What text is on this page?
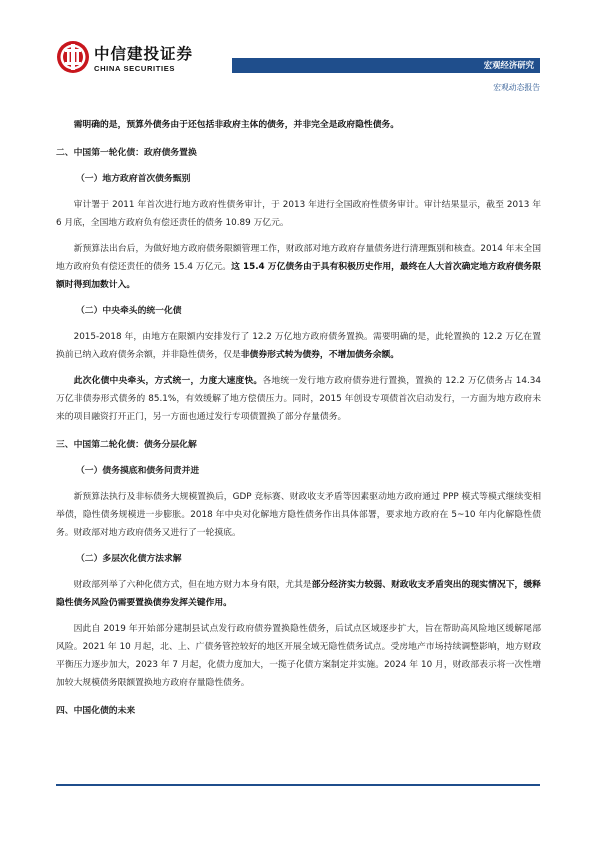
中信建投证券
CHINA SECURITIES	宏观经济研究
宏观动态报告

需明确的是，预算外债务由于还包括非政府主体的债务，并非完全是政府隐性债务。

二、中国第一轮化债：政府债务置换
（一）地方政府首次债务甄别

审计署于 2011 年首次进行地方政府性债务审计，于 2013 年进行全国政府性债务审计。审计结果显示，截至 2013 年 6 月底，全国地方政府负有偿还责任的债务 10.89 万亿元。

新预算法出台后，为做好地方政府债务限额管理工作，财政部对地方政府存量债务进行清理甄别和核查。2014 年末全国地方政府负有偿还责任的债务 15.4 万亿元。这 15.4 万亿债务由于具有积极历史作用，最终在人大首次确定地方政府债务限额时得到加数计入。

（二）中央牵头的统一化债

2015-2018 年，由地方在限额内安排发行了 12.2 万亿地方政府债务置换。需要明确的是，此轮置换的 12.2 万亿在置换前已纳入政府债务余额，并非隐性债务，仅是非债券形式转为债券，不增加债务余额。

此次化债中央牵头，方式统一，力度大速度快。各地统一发行地方政府债券进行置换，置换的 12.2 万亿债务占 14.34 万亿非债券形式债务的 85.1%，有效缓解了地方偿债压力。同时，2015 年创设专项债首次启动发行，一方面为地方政府未来的项目融资打开正门，另一方面也通过发行专项债置换了部分存量债务。

三、中国第二轮化债：债务分层化解
（一）债务摸底和债务问责并进

新预算法执行及非标债务大规模置换后，GDP 竞标赛、财政收支矛盾等因素驱动地方政府通过 PPP 模式等模式继续变相举债，隐性债务规模进一步膨胀。2018 年中央对化解地方隐性债务作出具体部署，要求地方政府在 5~10 年内化解隐性债务。财政部对地方政府债务又进行了一轮摸底。

（二）多层次化债方法求解

财政部列举了六种化债方式，但在地方财力本身有限，尤其是部分经济实力较弱、财政收支矛盾突出的现实情况下，缓释隐性债务风险仍需要置换债券发挥关键作用。

因此自 2019 年开始部分建制县试点发行政府债券置换隐性债务，后试点区域逐步扩大，旨在帮助高风险地区缓解尾部风险。2021 年 10 月起，北、上、广债务管控较好的地区开展全域无隐性债务试点。受房地产市场持续调整影响，地方财政平衡压力逐步加大，2023 年 7 月起，化债力度加大，一揽子化债方案制定并实施。2024 年 10 月，财政部表示将一次性增加较大规模债务限额置换地方政府存量隐性债务。

四、中国化债的未来
